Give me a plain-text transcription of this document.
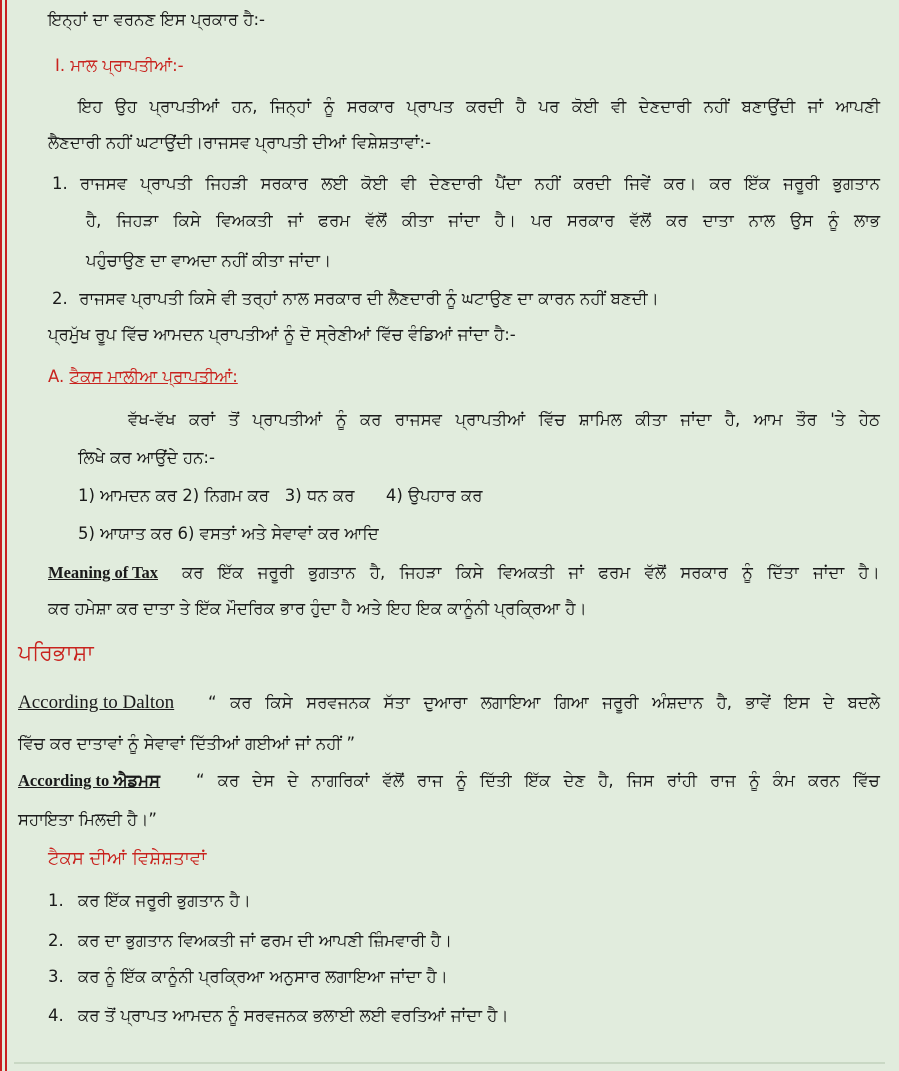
ਇਨ੍ਹਾਂ ਦਾ ਵਰਨਣ ਇਸ ਪ੍ਰਕਾਰ ਹੈ:-
I. ਮਾਲ ਪ੍ਰਾਪਤੀਆਂ:-
ਇਹ ਉਹ ਪ੍ਰਾਪਤੀਆਂ ਹਨ, ਜਿਨ੍ਹਾਂ ਨੂੰ ਸਰਕਾਰ ਪ੍ਰਾਪਤ ਕਰਦੀ ਹੈ ਪਰ ਕੋਈ ਵੀ ਦੇਣਦਾਰੀ ਨਹੀਂ ਬਣਾਉਂਦੀ ਜਾਂ ਆਪਣੀ
ਲੈਣਦਾਰੀ ਨਹੀਂ ਘਟਾਉਂਦੀ।ਰਾਜਸਵ ਪ੍ਰਾਪਤੀ ਦੀਆਂ ਵਿਸ਼ੇਸ਼ਤਾਵਾਂ:-
1. ਰਾਜਸਵ ਪ੍ਰਾਪਤੀ ਜਿਹੜੀ ਸਰਕਾਰ ਲਈ ਕੋਈ ਵੀ ਦੇਣਦਾਰੀ ਪੈਂਦਾ ਨਹੀਂ ਕਰਦੀ ਜਿਵੇਂ ਕਰ। ਕਰ ਇੱਕ ਜਰੂਰੀ ਭੁਗਤਾਨ
ਹੈ, ਜਿਹੜਾ ਕਿਸੇ ਵਿਅਕਤੀ ਜਾਂ ਫਰਮ ਵੱਲੋਂ ਕੀਤਾ ਜਾਂਦਾ ਹੈ। ਪਰ ਸਰਕਾਰ ਵੱਲੋਂ ਕਰ ਦਾਤਾ ਨਾਲ ਉਸ ਨੂੰ ਲਾਭ
ਪਹੁੰਚਾਉਣ ਦਾ ਵਾਅਦਾ ਨਹੀਂ ਕੀਤਾ ਜਾਂਦਾ।
2. ਰਾਜਸਵ ਪ੍ਰਾਪਤੀ ਕਿਸੇ ਵੀ ਤਰ੍ਹਾਂ ਨਾਲ ਸਰਕਾਰ ਦੀ ਲੈਣਦਾਰੀ ਨੂੰ ਘਟਾਉਣ ਦਾ ਕਾਰਨ ਨਹੀਂ ਬਣਦੀ।
ਪ੍ਰਮੁੱਖ ਰੂਪ ਵਿੱਚ ਆਮਦਨ ਪ੍ਰਾਪਤੀਆਂ ਨੂੰ ਦੋ ਸ੍ਰੇਣੀਆਂ ਵਿੱਚ ਵੰਡਿਆਂ ਜਾਂਦਾ ਹੈ:-
A. ਟੈਕਸ ਮਾਲੀਆ ਪ੍ਰਾਪਤੀਆਂ:
ਵੱਖ-ਵੱਖ ਕਰਾਂ ਤੋਂ ਪ੍ਰਾਪਤੀਆਂ ਨੂੰ ਕਰ ਰਾਜਸਵ ਪ੍ਰਾਪਤੀਆਂ ਵਿੱਚ ਸ਼ਾਮਿਲ ਕੀਤਾ ਜਾਂਦਾ ਹੈ, ਆਮ ਤੌਰ 'ਤੇ ਹੇਠ
ਲਿਖੇ ਕਰ ਆਉਂਦੇ ਹਨ:-
1) ਆਮਦਨ ਕਰ 2) ਨਿਗਮ ਕਰ   3) ਧਨ ਕਰ      4) ਉਪਹਾਰ ਕਰ
5) ਆਯਾਤ ਕਰ 6) ਵਸਤਾਂ ਅਤੇ ਸੇਵਾਵਾਂ ਕਰ ਆਦਿ
Meaning of Tax ਕਰ ਇੱਕ ਜਰੂਰੀ ਭੁਗਤਾਨ ਹੈ, ਜਿਹੜਾ ਕਿਸੇ ਵਿਅਕਤੀ ਜਾਂ ਫਰਮ ਵੱਲੋਂ ਸਰਕਾਰ ਨੂੰ ਦਿੱਤਾ ਜਾਂਦਾ ਹੈ।
ਕਰ ਹਮੇਸ਼ਾ ਕਰ ਦਾਤਾ ਤੇ ਇੱਕ ਮੌਦਰਿਕ ਭਾਰ ਹੁੰਦਾ ਹੈ ਅਤੇ ਇਹ ਇਕ ਕਾਨੂੰਨੀ ਪ੍ਰਕ੍ਰਿਆ ਹੈ।
ਪਰਿਭਾਸ਼ਾ
According to Dalton “ ਕਰ ਕਿਸੇ ਸਰਵਜਨਕ ਸੱਤਾ ਦੁਆਰਾ ਲਗਾਇਆ ਗਿਆ ਜਰੂਰੀ ਅੰਸ਼ਦਾਨ ਹੈ, ਭਾਵੇਂ ਇਸ ਦੇ ਬਦਲੇ
ਵਿੱਚ ਕਰ ਦਾਤਾਵਾਂ ਨੂੰ ਸੇਵਾਵਾਂ ਦਿੱਤੀਆਂ ਗਈਆਂ ਜਾਂ ਨਹੀਂ ”
According to ਐਡਮਸ “ ਕਰ ਦੇਸ ਦੇ ਨਾਗਰਿਕਾਂ ਵੱਲੋਂ ਰਾਜ ਨੂੰ ਦਿੱਤੀ ਇੱਕ ਦੇਣ ਹੈ, ਜਿਸ ਰਾਂਹੀ ਰਾਜ ਨੂੰ ਕੰਮ ਕਰਨ ਵਿੱਚ
ਸਹਾਇਤਾ ਮਿਲਦੀ ਹੈ।”
ਟੈਕਸ ਦੀਆਂ ਵਿਸ਼ੇਸ਼ਤਾਵਾਂ
1. ਕਰ ਇੱਕ ਜਰੂਰੀ ਭੁਗਤਾਨ ਹੈ।
2. ਕਰ ਦਾ ਭੁਗਤਾਨ ਵਿਅਕਤੀ ਜਾਂ ਫਰਮ ਦੀ ਆਪਣੀ ਜ਼ਿੰਮਵਾਰੀ ਹੈ।
3. ਕਰ ਨੂੰ ਇੱਕ ਕਾਨੂੰਨੀ ਪ੍ਰਕ੍ਰਿਆ ਅਨੁਸਾਰ ਲਗਾਇਆ ਜਾਂਦਾ ਹੈ।
4. ਕਰ ਤੋਂ ਪ੍ਰਾਪਤ ਆਮਦਨ ਨੂੰ ਸਰਵਜਨਕ ਭਲਾਈ ਲਈ ਵਰਤਿਆਂ ਜਾਂਦਾ ਹੈ।
